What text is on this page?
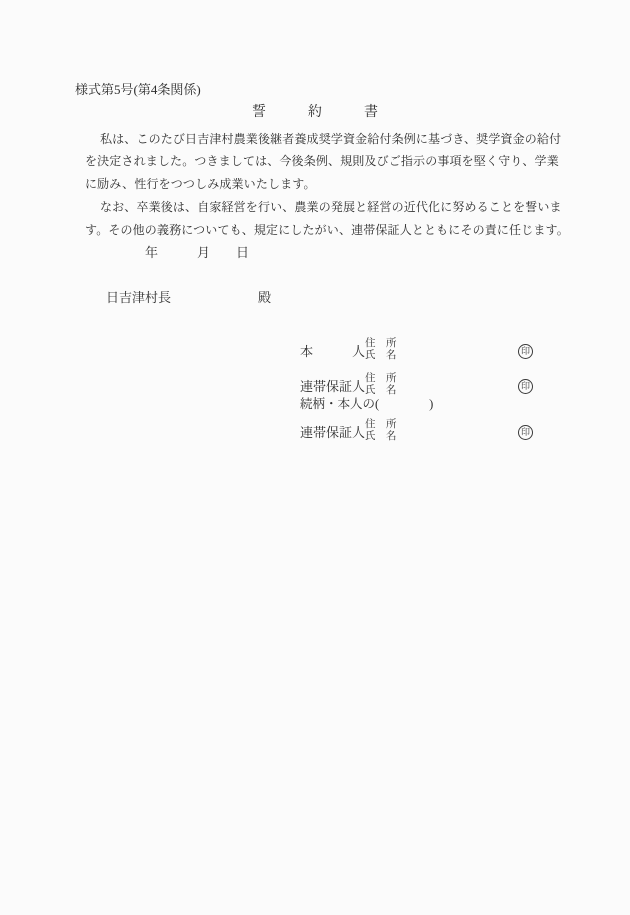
様式第5号(第4条関係)
誓　　　約　　　書
私は、このたび日吉津村農業後継者養成奨学資金給付条例に基づき、奨学資金の給付
を決定されました。つきましては、今後条例、規則及びご指示の事項を堅く守り、学業
に励み、性行をつつしみ成業いたします。
なお、卒業後は、自家経営を行い、農業の発展と経営の近代化に努めることを誓いま
す。その他の義務についても、規定にしたがい、連帯保証人とともにその責に任じます。
年　　　月　　日

日吉津村長	殿

本　　　人 住　所
氏　名	印
連帯保証人 住　所
氏　名	印
続柄・本人の(　　　　)
連帯保証人 住　所
氏　名	印
